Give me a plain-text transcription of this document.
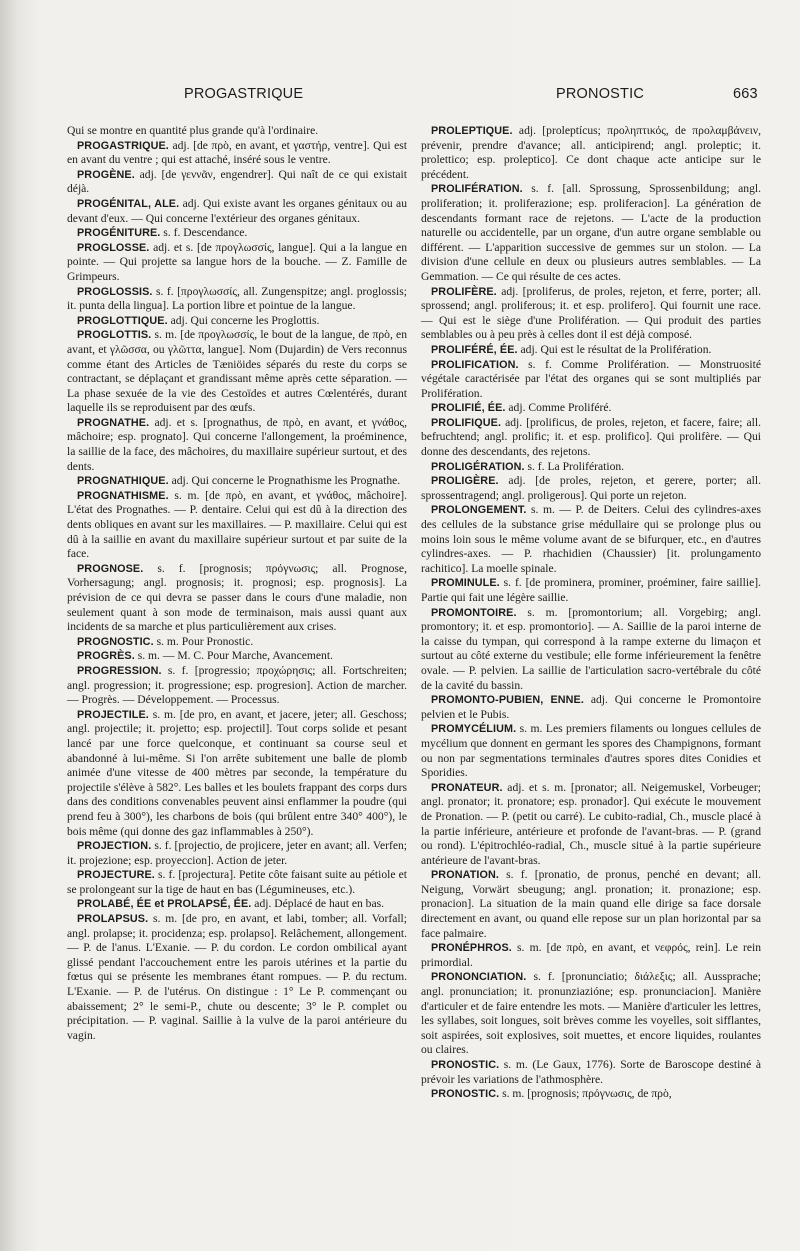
PROGASTRIQUE	PRONOSTIC	663

Qui se montre en quantité plus grande qu'à l'ordinaire.

PROGASTRIQUE. adj. [de πρὸ, en avant, et γαστήρ, ventre]. Qui est en avant du ventre ; qui est attaché, inséré sous le ventre.

PROGÈNE. adj. [de γεννᾶν, engendrer]. Qui naît de ce qui existait déjà.

PROGÉNITAL, ALE. adj. Qui existe avant les organes génitaux ou au devant d'eux. — Qui concerne l'extérieur des organes génitaux.

PROGÉNITURE. s. f. Descendance.

PROGLOSSE. adj. et s. [de προγλωσσίς, langue]. Qui a la langue en pointe. — Qui projette sa langue hors de la bouche. — Z. Famille de Grimpeurs.

PROGLOSSIS. s. f. [προγλωσσίς, all. Zungenspitze; angl. proglossis; it. punta della lingua]. La portion libre et pointue de la langue.

PROGLOTTIQUE. adj. Qui concerne les Proglottis.

PROGLOTTIS. s. m. [de προγλωσσίς, le bout de la langue, de πρὸ, en avant, et γλῶσσα, ou γλῶττα, langue]. Nom (Dujardin) de Vers reconnus comme étant des Articles de Tæniöides séparés du reste du corps se contractant, se déplaçant et grandissant même après cette séparation. — La phase sexuée de la vie des Cestoïdes et autres Cœlentérés, durant laquelle ils se reproduisent par des œufs.

PROGNATHE. adj. et s. [prognathus, de πρὸ, en avant, et γνάθος, mâchoire; esp. prognato]. Qui concerne l'allongement, la proéminence, la saillie de la face, des mâchoires, du maxillaire supérieur surtout, et des dents.

PROGNATHIQUE. adj. Qui concerne le Prognathisme les Prognathe.

PROGNATHISME. s. m. [de πρὸ, en avant, et γνάθος, mâchoire]. L'état des Prognathes. — P. dentaire. Celui qui est dû à la direction des dents obliques en avant sur les maxillaires. — P. maxillaire. Celui qui est dû à la saillie en avant du maxillaire supérieur surtout et par suite de la face.

PROGNOSE. s. f. [prognosis; πρόγνωσις; all. Prognose, Vorhersagung; angl. prognosis; it. prognosi; esp. prognosis]. La prévision de ce qui devra se passer dans le cours d'une maladie, non seulement quant à son mode de terminaison, mais aussi quant aux incidents de sa marche et plus particulièrement aux crises.

PROGNOSTIC. s. m. Pour Pronostic.

PROGRÈS. s. m. — M. C. Pour Marche, Avancement.

PROGRESSION. s. f. [progressio; προχώρησις; all. Fortschreiten; angl. progression; it. progressione; esp. progresion]. Action de marcher. — Progrès. — Développement. — Processus.

PROJECTILE. s. m. [de pro, en avant, et jacere, jeter; all. Geschoss; angl. projectile; it. projetto; esp. projectil]. Tout corps solide et pesant lancé par une force quelconque, et continuant sa course seul et abandonné à lui-même. Si l'on arrête subitement une balle de plomb animée d'une vitesse de 400 mètres par seconde, la température du projectile s'élève à 582°. Les balles et les boulets frappant des corps durs dans des conditions convenables peuvent ainsi enflammer la poudre (qui prend feu à 300°), les charbons de bois (qui brûlent entre 340° 400°), le bois même (qui donne des gaz inflammables à 250°).

PROJECTION. s. f. [projectio, de projicere, jeter en avant; all. Verfen; it. projezione; esp. proyeccion]. Action de jeter.

PROJECTURE. s. f. [projectura]. Petite côte faisant suite au pétiole et se prolongeant sur la tige de haut en bas (Légumineuses, etc.).

PROLABÉ, ÉE et PROLAPSÉ, ÉE. adj. Déplacé de haut en bas.

PROLAPSUS. s. m. [de pro, en avant, et labi, tomber; all. Vorfall; angl. prolapse; it. procidenza; esp. prolapso]. Relâchement, allongement. — P. de l'anus. L'Exanie. — P. du cordon. Le cordon ombilical ayant glissé pendant l'accouchement entre les parois utérines et la partie du fœtus qui se présente les membranes étant rompues. — P. du rectum. L'Exanie. — P. de l'utérus. On distingue : 1° Le P. commençant ou abaissement; 2° le semi-P., chute ou descente; 3° le P. complet ou précipitation. — P. vaginal. Saillie à la vulve de la paroi antérieure du vagin.

PROLEPTIQUE. adj. [proleptícus; προληπτικός, de προλαμβάνειν, prévenir, prendre d'avance; all. anticipirend; angl. proleptic; it. prolettico; esp. proleptico]. Ce dont chaque acte anticipe sur le précédent.

PROLIFÉRATION. s. f. [all. Sprossung, Sprossenbildung; angl. proliferation; it. proliferazione; esp. proliferacion]. La génération de descendants formant race de rejetons. — L'acte de la production naturelle ou accidentelle, par un organe, d'un autre organe semblable ou différent. — L'apparition successive de gemmes sur un stolon. — La division d'une cellule en deux ou plusieurs autres semblables. — La Gemmation. — Ce qui résulte de ces actes.

PROLIFÈRE. adj. [proliferus, de proles, rejeton, et ferre, porter; all. sprossend; angl. proliferous; it. et esp. prolifero]. Qui fournit une race. — Qui est le siège d'une Prolifération. — Qui produit des parties semblables ou à peu près à celles dont il est déjà composé.

PROLIFÉRÉ, ÉE. adj. Qui est le résultat de la Prolifération.

PROLIFICATION. s. f. Comme Prolifération. — Monstruosité végétale caractérisée par l'état des organes qui se sont multipliés par Prolifération.

PROLIFIÉ, ÉE. adj. Comme Proliféré.

PROLIFIQUE. adj. [prolificus, de proles, rejeton, et facere, faire; all. befruchtend; angl. prolific; it. et esp. prolifico]. Qui prolifère. — Qui donne des descendants, des rejetons.

PROLIGÉRATION. s. f. La Prolifération.

PROLIGÈRE. adj. [de proles, rejeton, et gerere, porter; all. sprossentragend; angl. proligerous]. Qui porte un rejeton.

PROLONGEMENT. s. m. — P. de Deiters. Celui des cylindres-axes des cellules de la substance grise médullaire qui se prolonge plus ou moins loin sous le même volume avant de se bifurquer, etc., en d'autres cylindres-axes. — P. rhachidien (Chaussier) [it. prolungamento rachitico]. La moelle spinale.

PROMINULE. s. f. [de prominera, prominer, proéminer, faire saillie]. Partie qui fait une légère saillie.

PROMONTOIRE. s. m. [promontorium; all. Vorgebirg; angl. promontory; it. et esp. promontorio]. — A. Saillie de la paroi interne de la caisse du tympan, qui correspond à la rampe externe du limaçon et surtout au côté externe du vestibule; elle forme inférieurement la fenêtre ovale. — P. pelvien. La saillie de l'articulation sacro-vertébrale du côté de la cavité du bassin.

PROMONTO-PUBIEN, ENNE. adj. Qui concerne le Promontoire pelvien et le Pubis.

PROMYCÉLIUM. s. m. Les premiers filaments ou longues cellules de mycélium que donnent en germant les spores des Champignons, formant ou non par segmentations terminales d'autres spores dites Conidies et Sporidies.

PRONATEUR. adj. et s. m. [pronator; all. Neigemuskel, Vorbeuger; angl. pronator; it. pronatore; esp. pronador]. Qui exécute le mouvement de Pronation. — P. (petit ou carré). Le cubito-radial, Ch., muscle placé à la partie inférieure, antérieure et profonde de l'avant-bras. — P. (grand ou rond). L'épitrochléo-radial, Ch., muscle situé à la partie supérieure antérieure de l'avant-bras.

PRONATION. s. f. [pronatio, de pronus, penché en devant; all. Neigung, Vorwärt sbeugung; angl. pronation; it. pronazione; esp. pronacion]. La situation de la main quand elle dirige sa face dorsale directement en avant, ou quand elle repose sur un plan horizontal par sa face palmaire.

PRONÉPHROS. s. m. [de πρὸ, en avant, et νεφρός, rein]. Le rein primordial.

PRONONCIATION. s. f. [pronunciatio; διάλεξις; all. Aussprache; angl. pronunciation; it. pronunziazióne; esp. pronunciacion]. Manière d'articuler et de faire entendre les mots. — Manière d'articuler les lettres, les syllabes, soit longues, soit brèves comme les voyelles, soit sifflantes, soit aspirées, soit explosives, soit muettes, et encore liquides, roulantes ou claires.

PRONOSTIC. s. m. (Le Gaux, 1776). Sorte de Baroscope destiné à prévoir les variations de l'athmosphère.

PRONOSTIC. s. m. [prognosis; πρόγνωσις, de πρὸ,
